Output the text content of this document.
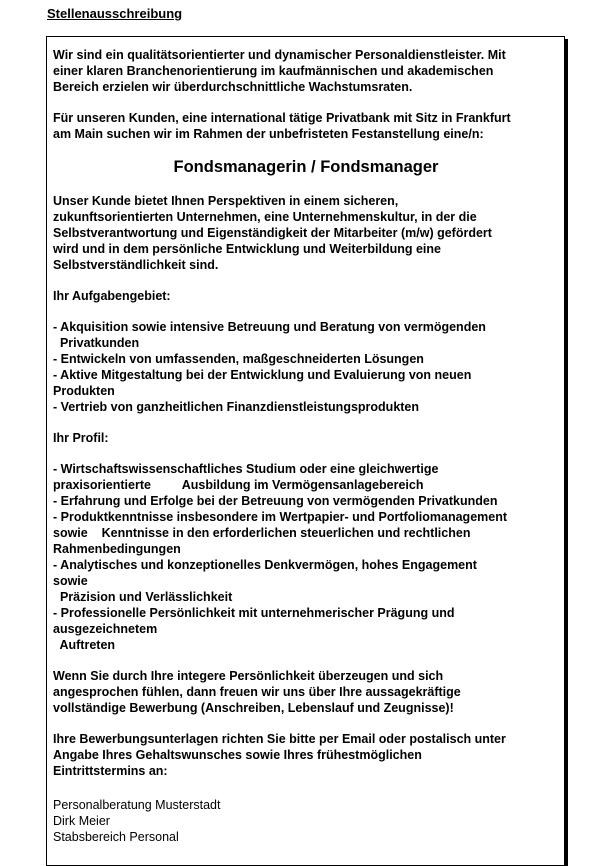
Stellenausschreibung

Wir sind ein qualitätsorientierter und dynamischer Personaldienstleister. Mit
einer klaren Branchenorientierung im kaufmännischen und akademischen
Bereich erzielen wir überdurchschnittliche Wachstumsraten.

Für unseren Kunden, eine international tätige Privatbank mit Sitz in Frankfurt
am Main suchen wir im Rahmen der unbefristeten Festanstellung eine/n:

Fondsmanagerin / Fondsmanager

Unser Kunde bietet Ihnen Perspektiven in einem sicheren,
zukunftsorientierten Unternehmen, eine Unternehmenskultur, in der die
Selbstverantwortung und Eigenständigkeit der Mitarbeiter (m/w) gefördert
wird und in dem persönliche Entwicklung und Weiterbildung eine
Selbstverständlichkeit sind.

Ihr Aufgabengebiet:

- Akquisition sowie intensive Betreuung und Beratung von vermögenden
Privatkunden
- Entwickeln von umfassenden, maßgeschneiderten Lösungen
- Aktive Mitgestaltung bei der Entwicklung und Evaluierung von neuen
Produkten
- Vertrieb von ganzheitlichen Finanzdienstleistungsprodukten

Ihr Profil:

- Wirtschaftswissenschaftliches Studium oder eine gleichwertige
praxisorientierte         Ausbildung im Vermögensanlagebereich
- Erfahrung und Erfolge bei der Betreuung von vermögenden Privatkunden
- Produktkenntnisse insbesondere im Wertpapier- und Portfoliomanagement
sowie    Kenntnisse in den erforderlichen steuerlichen und rechtlichen
Rahmenbedingungen
- Analytisches und konzeptionelles Denkvermögen, hohes Engagement
sowie
Präzision und Verlässlichkeit
- Professionelle Persönlichkeit mit unternehmerischer Prägung und
ausgezeichnetem
Auftreten

Wenn Sie durch Ihre integere Persönlichkeit überzeugen und sich
angesprochen fühlen, dann freuen wir uns über Ihre aussagekräftige
vollständige Bewerbung (Anschreiben, Lebenslauf und Zeugnisse)!

Ihre Bewerbungsunterlagen richten Sie bitte per Email oder postalisch unter
Angabe Ihres Gehaltswunsches sowie Ihres frühestmöglichen
Eintrittstermins an:

Personalberatung Musterstadt
Dirk Meier
Stabsbereich Personal
